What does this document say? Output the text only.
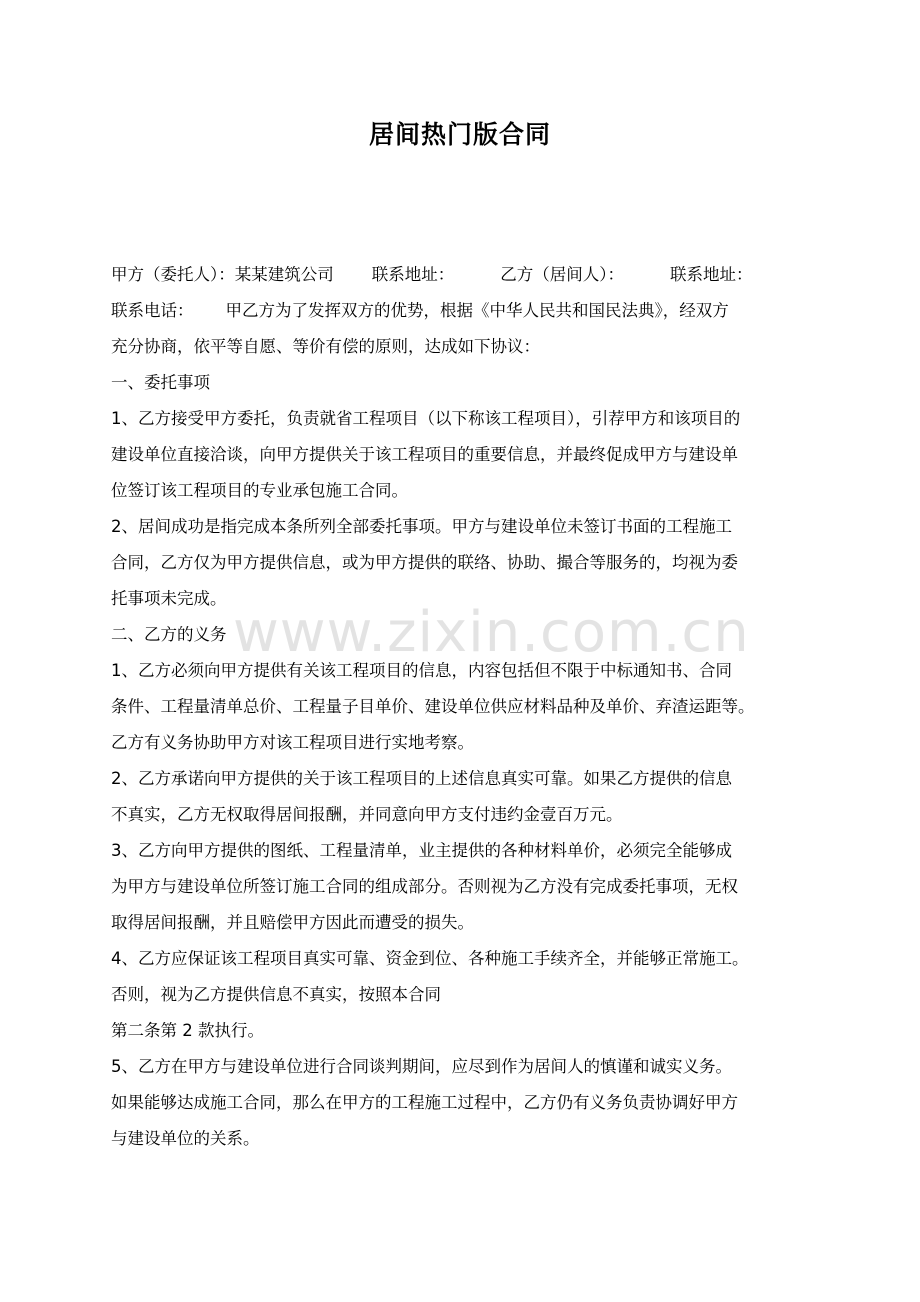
居间热门版合同
www.zixin.com.cn
甲方（委托人）：某某建筑公司 联系地址：	乙方（居间人）：	联系地址：
联系电话： 甲乙方为了发挥双方的优势，根据《中华人民共和国民法典》，经双方
充分协商，依平等自愿、等价有偿的原则，达成如下协议：
一、委托事项
1、乙方接受甲方委托，负责就省工程项目（以下称该工程项目），引荐甲方和该项目的
建设单位直接洽谈，向甲方提供关于该工程项目的重要信息，并最终促成甲方与建设单
位签订该工程项目的专业承包施工合同。
2、居间成功是指完成本条所列全部委托事项。甲方与建设单位未签订书面的工程施工
合同，乙方仅为甲方提供信息，或为甲方提供的联络、协助、撮合等服务的，均视为委
托事项未完成。
二、乙方的义务
1、乙方必须向甲方提供有关该工程项目的信息，内容包括但不限于中标通知书、合同
条件、工程量清单总价、工程量子目单价、建设单位供应材料品种及单价、弃渣运距等。
乙方有义务协助甲方对该工程项目进行实地考察。
2、乙方承诺向甲方提供的关于该工程项目的上述信息真实可靠。如果乙方提供的信息
不真实，乙方无权取得居间报酬，并同意向甲方支付违约金壹百万元。
3、乙方向甲方提供的图纸、工程量清单，业主提供的各种材料单价，必须完全能够成
为甲方与建设单位所签订施工合同的组成部分。否则视为乙方没有完成委托事项，无权
取得居间报酬，并且赔偿甲方因此而遭受的损失。
4、乙方应保证该工程项目真实可靠、资金到位、各种施工手续齐全，并能够正常施工。
否则，视为乙方提供信息不真实，按照本合同
第二条第 2 款执行。
5、乙方在甲方与建设单位进行合同谈判期间，应尽到作为居间人的慎谨和诚实义务。
如果能够达成施工合同，那么在甲方的工程施工过程中，乙方仍有义务负责协调好甲方
与建设单位的关系。
